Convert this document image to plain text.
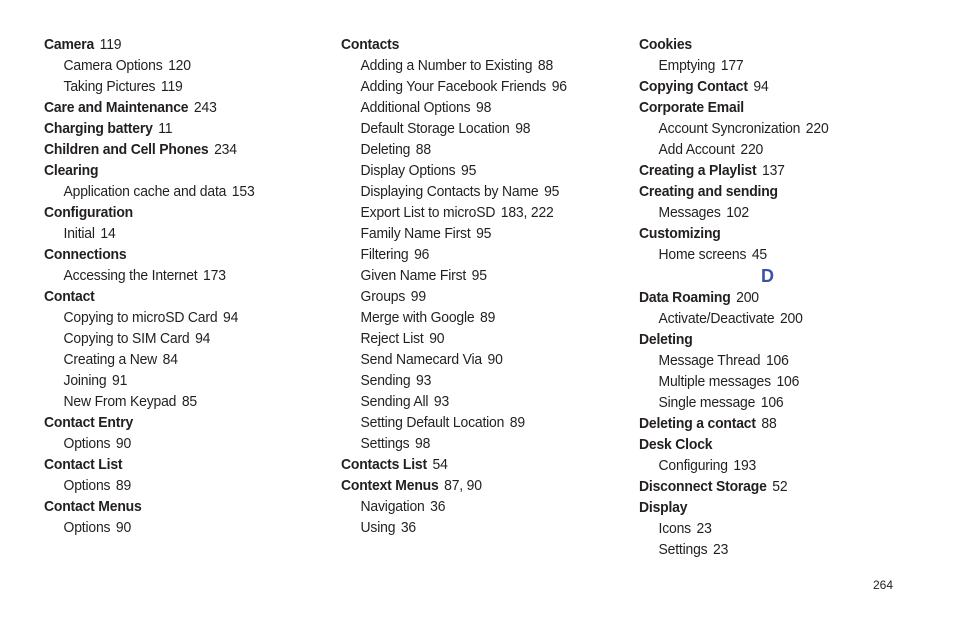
Camera 119
Camera Options 120
Taking Pictures 119
Care and Maintenance 243
Charging battery 11
Children and Cell Phones 234
Clearing
Application cache and data 153
Configuration
Initial 14
Connections
Accessing the Internet 173
Contact
Copying to microSD Card 94
Copying to SIM Card 94
Creating a New 84
Joining 91
New From Keypad 85
Contact Entry
Options 90
Contact List
Options 89
Contact Menus
Options 90
Contacts
Adding a Number to Existing 88
Adding Your Facebook Friends 96
Additional Options 98
Default Storage Location 98
Deleting 88
Display Options 95
Displaying Contacts by Name 95
Export List to microSD 183, 222
Family Name First 95
Filtering 96
Given Name First 95
Groups 99
Merge with Google 89
Reject List 90
Send Namecard Via 90
Sending 93
Sending All 93
Setting Default Location 89
Settings 98
Contacts List 54
Context Menus 87, 90
Navigation 36
Using 36
Cookies
Emptying 177
Copying Contact 94
Corporate Email
Account Syncronization 220
Add Account 220
Creating a Playlist 137
Creating and sending
Messages 102
Customizing
Home screens 45
D
Data Roaming 200
Activate/Deactivate 200
Deleting
Message Thread 106
Multiple messages 106
Single message 106
Deleting a contact 88
Desk Clock
Configuring 193
Disconnect Storage 52
Display
Icons 23
Settings 23
264
